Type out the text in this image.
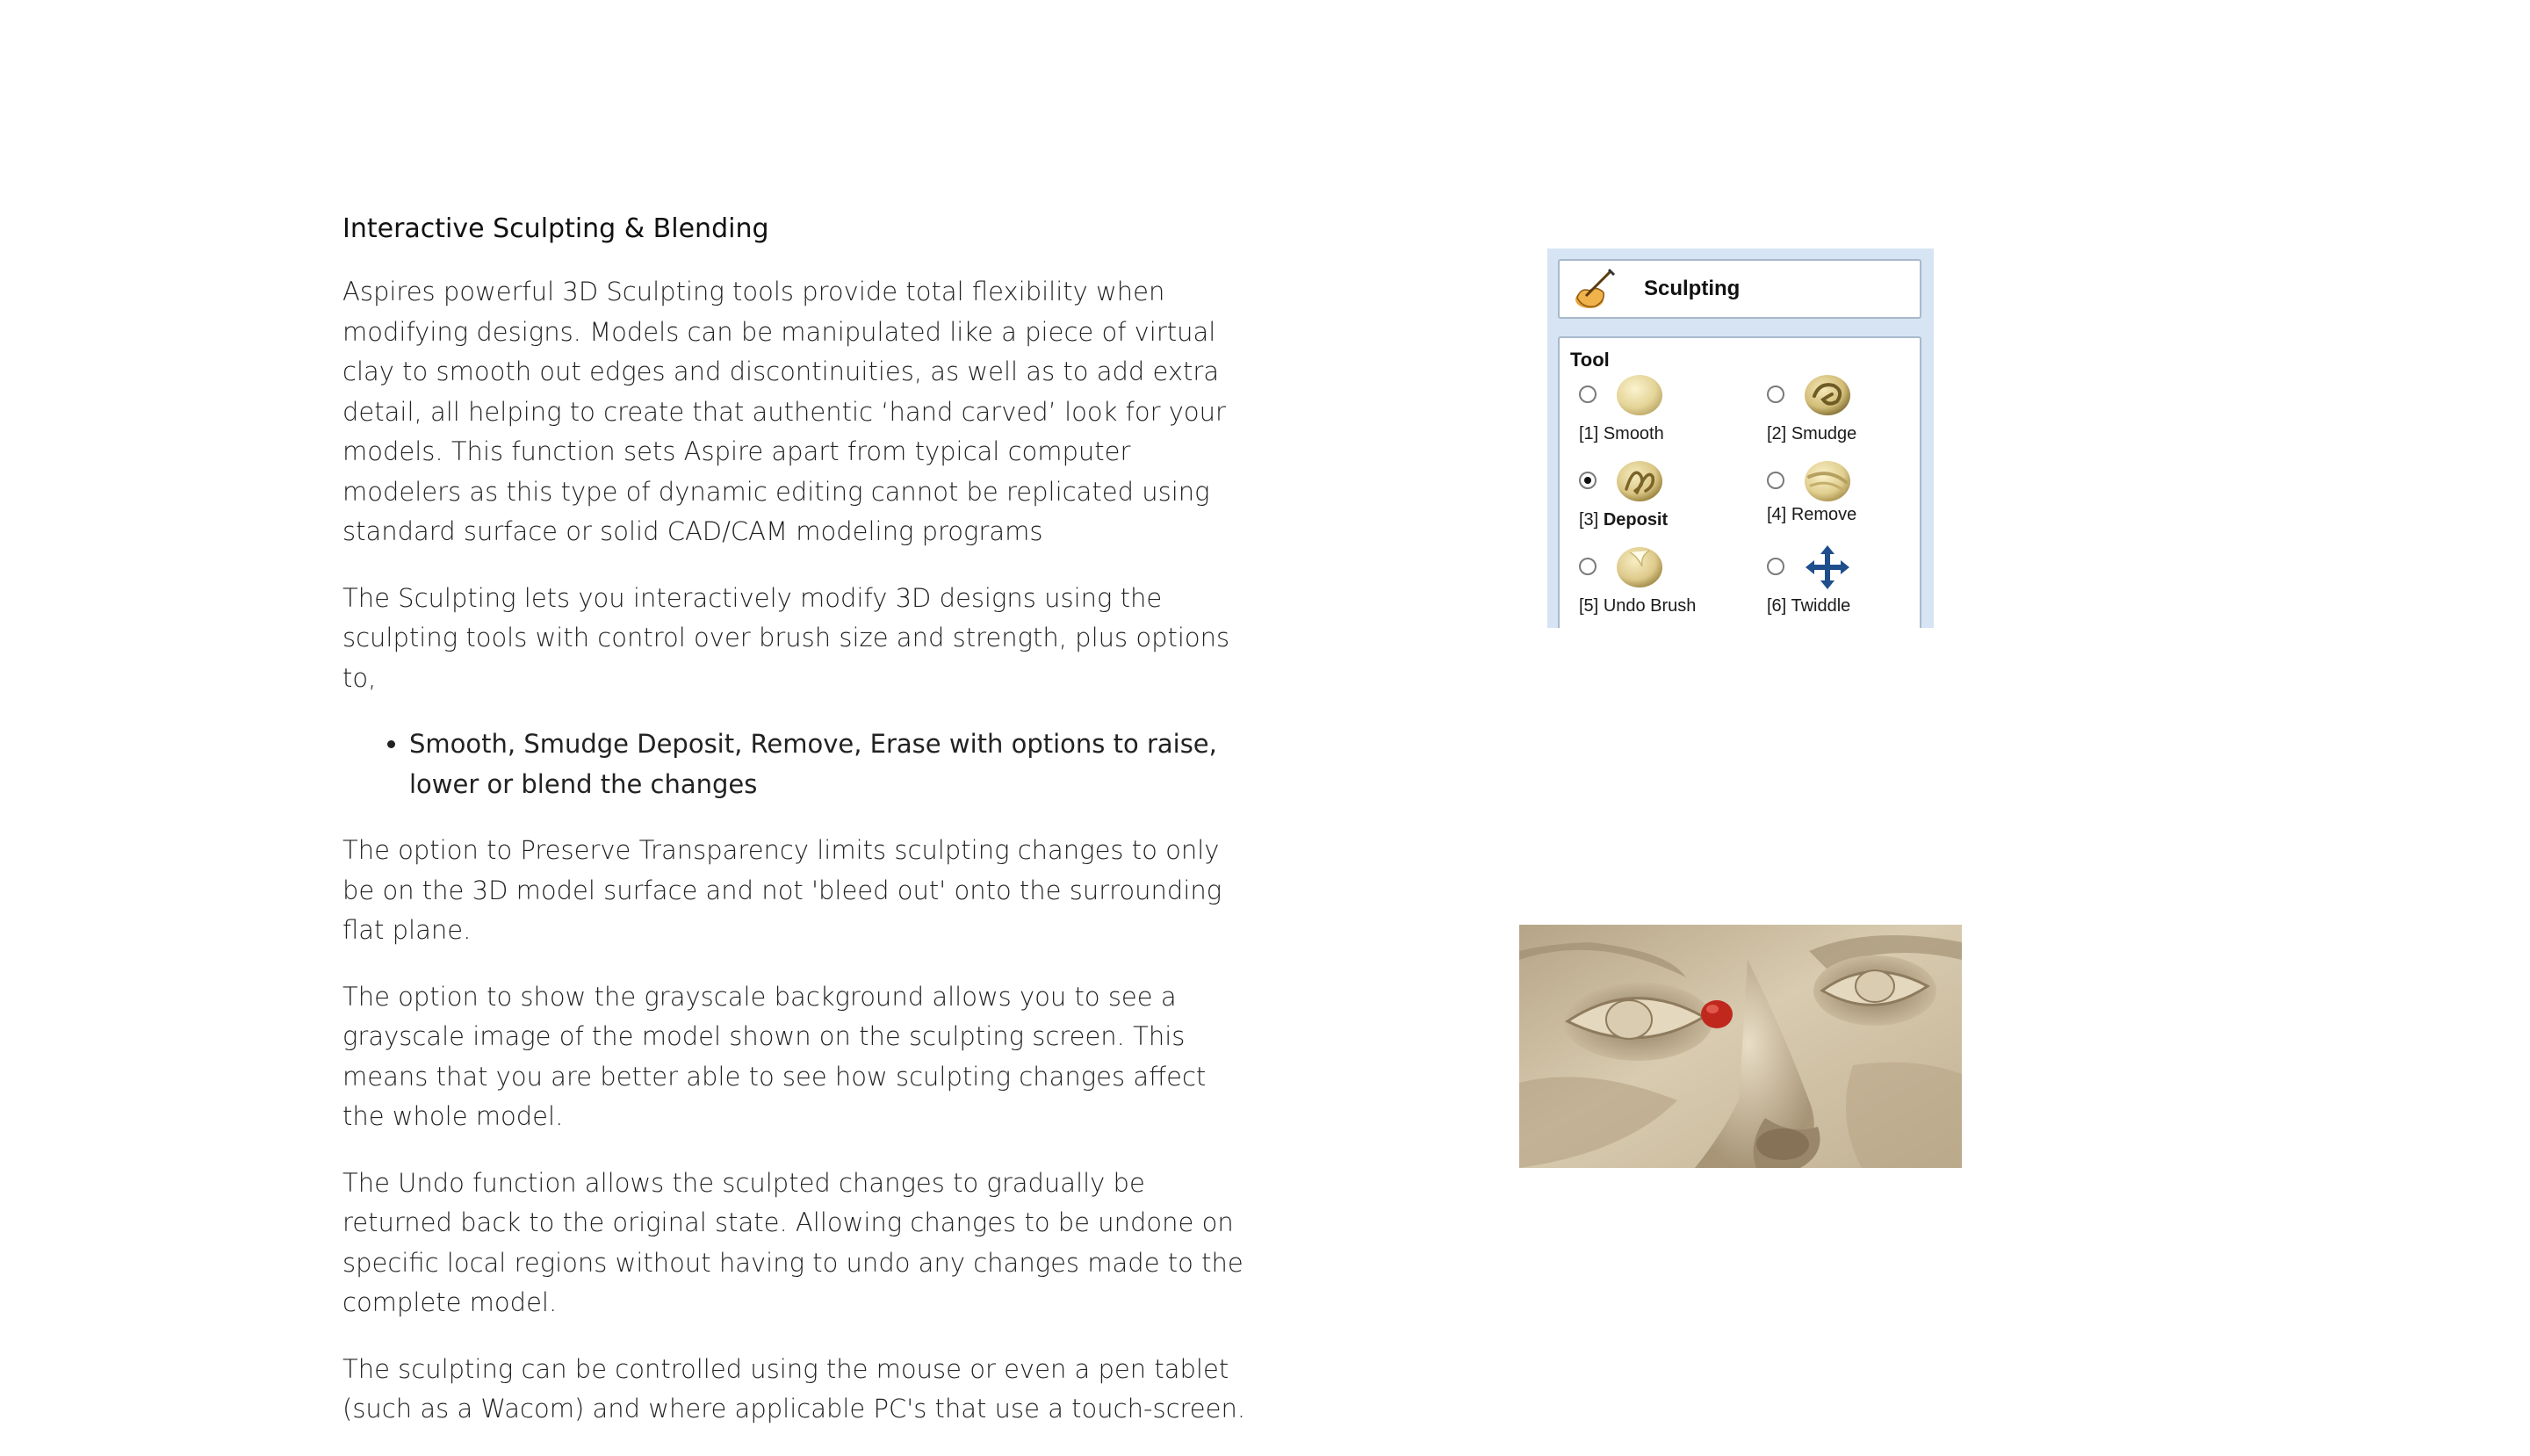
Interactive Sculpting & Blending

Aspires powerful 3D Sculpting tools provide total flexibility when modifying designs. Models can be manipulated like a piece of virtual clay to smooth out edges and discontinuities, as well as to add extra detail, all helping to create that authentic ‘hand carved’ look for your models. This function sets Aspire apart from typical computer modelers as this type of dynamic editing cannot be replicated using standard surface or solid CAD/CAM modeling programs

The Sculpting lets you interactively modify 3D designs using the sculpting tools with control over brush size and strength, plus options to,

• Smooth, Smudge Deposit, Remove, Erase with options to raise, lower or blend the changes

The option to Preserve Transparency limits sculpting changes to only be on the 3D model surface and not 'bleed out' onto the surrounding flat plane.

The option to show the grayscale background allows you to see a grayscale image of the model shown on the sculpting screen. This means that you are better able to see how sculpting changes affect the whole model.

The Undo function allows the sculpted changes to gradually be returned back to the original state. Allowing changes to be undone on specific local regions without having to undo any changes made to the complete model.

The sculpting can be controlled using the mouse or even a pen tablet (such as a Wacom) and where applicable PC's that use a touch-screen.

Sculpting
Tool
[1] Smooth	[2] Smudge
[3] Deposit	[4] Remove
[5] Undo Brush	[6] Twiddle
